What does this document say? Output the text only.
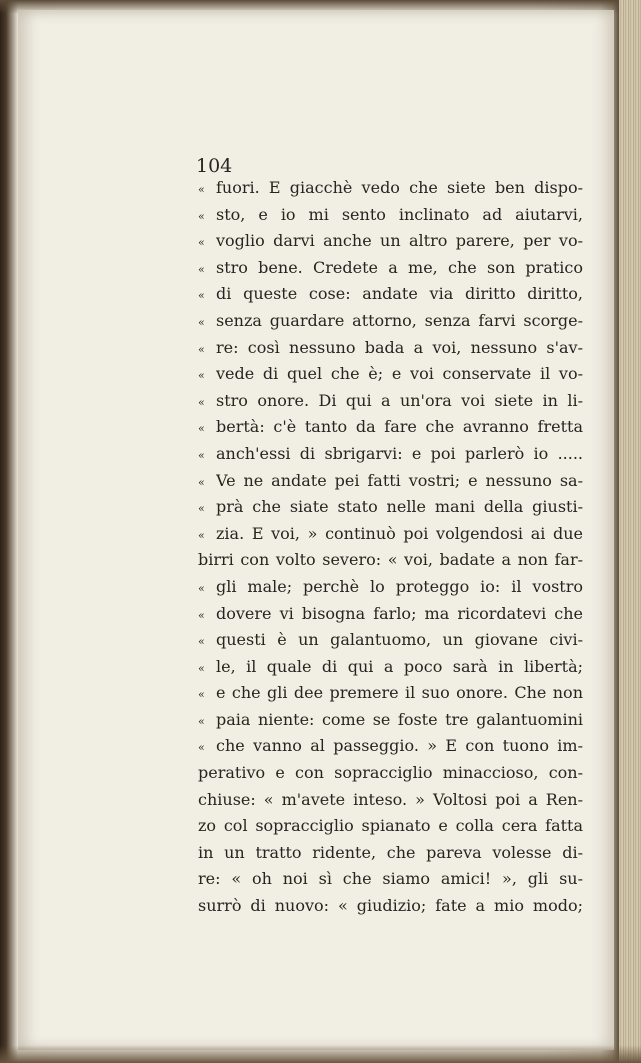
104
« fuori. E giacchè vedo che siete ben dispo-
« sto, e io mi sento inclinato ad aiutarvi,
« voglio darvi anche un altro parere, per vo-
« stro bene. Credete a me, che son pratico
« di queste cose: andate via diritto diritto,
« senza guardare attorno, senza farvi scorge-
« re: così nessuno bada a voi, nessuno s'av-
« vede di quel che è; e voi conservate il vo-
« stro onore. Di qui a un'ora voi siete in li-
« bertà: c'è tanto da fare che avranno fretta
« anch'essi di sbrigarvi: e poi parlerò io .....
« Ve ne andate pei fatti vostri; e nessuno sa-
« prà che siate stato nelle mani della giusti-
« zia. E voi, » continuò poi volgendosi ai due
birri con volto severo: « voi, badate a non far-
« gli male; perchè lo proteggo io: il vostro
« dovere vi bisogna farlo; ma ricordatevi che
« questi è un galantuomo, un giovane civi-
« le, il quale di qui a poco sarà in libertà;
« e che gli dee premere il suo onore. Che non
« paia niente: come se foste tre galantuomini
« che vanno al passeggio. » E con tuono im-
perativo e con sopracciglio minaccioso, con-
chiuse: « m'avete inteso. » Voltosi poi a Ren-
zo col sopracciglio spianato e colla cera fatta
in un tratto ridente, che pareva volesse di-
re: « oh noi sì che siamo amici! », gli su-
surrò di nuovo: « giudizio; fate a mio modo;
